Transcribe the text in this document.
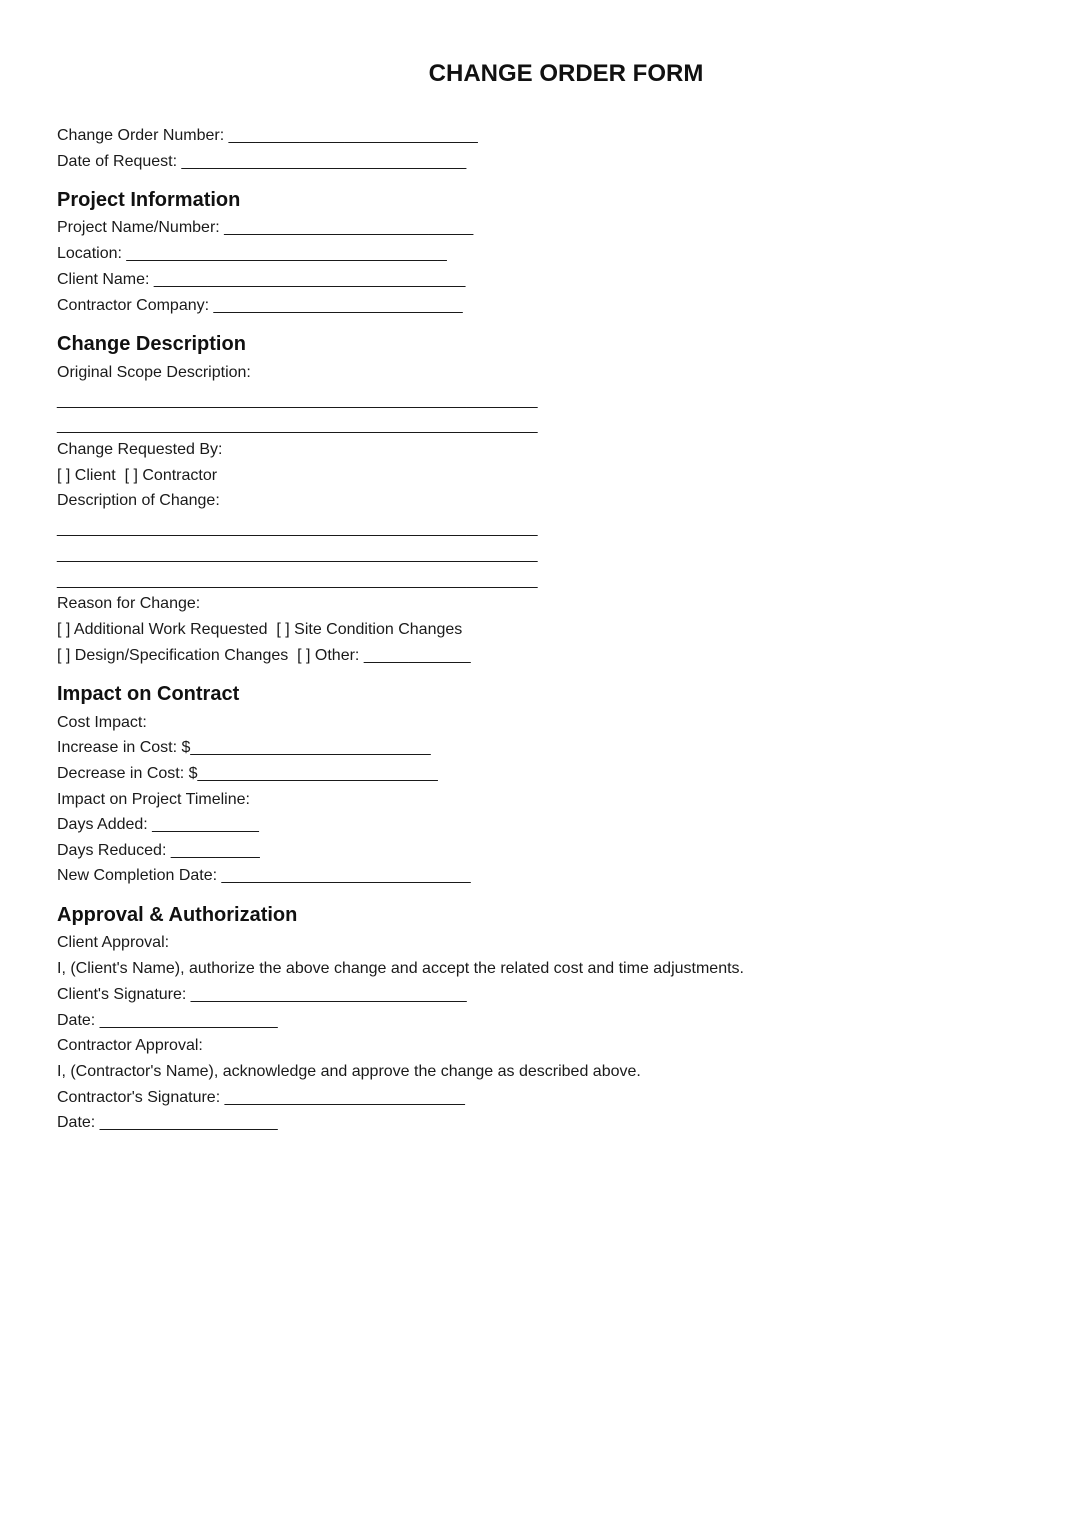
CHANGE ORDER FORM

Change Order Number: ____________________________

Date of Request: ________________________________

Project Information

Project Name/Number: ____________________________

Location: ____________________________________

Client Name: ___________________________________

Contractor Company: ____________________________

Change Description

Original Scope Description:

______________________________________________________

______________________________________________________

Change Requested By:

[ ] Client  [ ] Contractor

Description of Change:

______________________________________________________

______________________________________________________

______________________________________________________

Reason for Change:

[ ] Additional Work Requested  [ ] Site Condition Changes

[ ] Design/Specification Changes  [ ] Other: ____________

Impact on Contract

Cost Impact:

Increase in Cost: $___________________________

Decrease in Cost: $___________________________

Impact on Project Timeline:

Days Added: ____________

Days Reduced: __________

New Completion Date: ____________________________

Approval & Authorization

Client Approval:

I, (Client's Name), authorize the above change and accept the related cost and time adjustments.

Client's Signature: _______________________________

Date: ____________________

Contractor Approval:

I, (Contractor's Name), acknowledge and approve the change as described above.

Contractor's Signature: ___________________________

Date: ____________________
